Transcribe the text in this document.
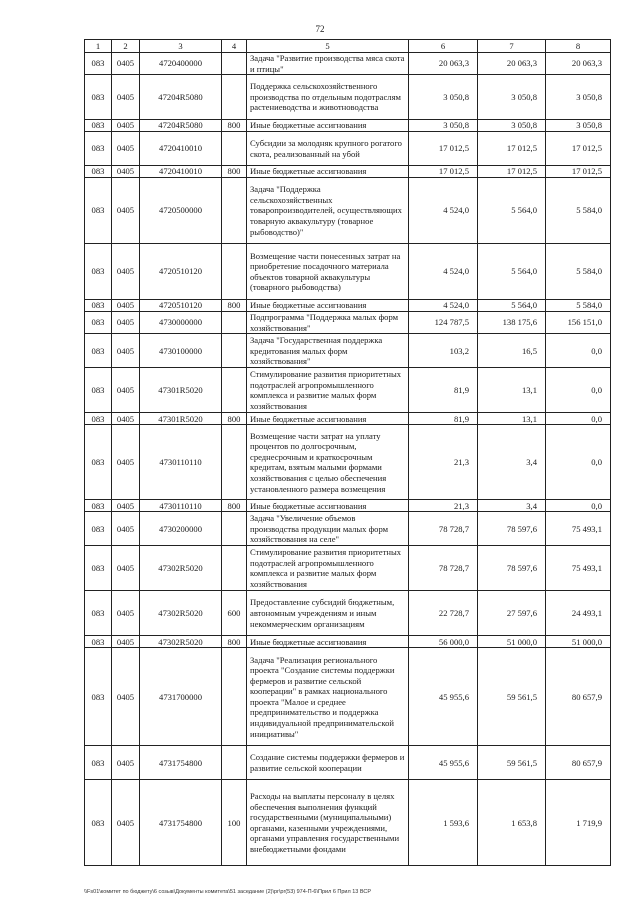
72
1	2	3	4	5	6	7	8
083	0405	4720400000		Задача "Развитие производства мяса скота и птицы"	20 063,3	20 063,3	20 063,3
083	0405	47204R5080		Поддержка сельскохозяйственного производства по отдельным подотраслям растениеводства и животноводства	3 050,8	3 050,8	3 050,8
083	0405	47204R5080	800	Иные бюджетные ассигнования	3 050,8	3 050,8	3 050,8
083	0405	4720410010		Субсидии за молодняк крупного рогатого скота, реализованный на убой	17 012,5	17 012,5	17 012,5
083	0405	4720410010	800	Иные бюджетные ассигнования	17 012,5	17 012,5	17 012,5
083	0405	4720500000		Задача "Поддержка сельскохозяйственных товаропроизводителей, осуществляющих товарную аквакультуру (товарное рыбоводство)"	4 524,0	5 564,0	5 584,0
083	0405	4720510120		Возмещение части понесенных затрат на приобретение посадочного материала объектов товарной аквакультуры (товарного рыбоводства)	4 524,0	5 564,0	5 584,0
083	0405	4720510120	800	Иные бюджетные ассигнования	4 524,0	5 564,0	5 584,0
083	0405	4730000000		Подпрограмма "Поддержка малых форм хозяйствования"	124 787,5	138 175,6	156 151,0
083	0405	4730100000		Задача "Государственная поддержка кредитования малых форм хозяйствования"	103,2	16,5	0,0
083	0405	47301R5020		Стимулирование развития приоритетных подотраслей агропромышленного комплекса и развитие малых форм хозяйствования	81,9	13,1	0,0
083	0405	47301R5020	800	Иные бюджетные ассигнования	81,9	13,1	0,0
083	0405	4730110110		Возмещение части затрат на уплату процентов по долгосрочным, среднесрочным и краткосрочным кредитам, взятым малыми формами хозяйствования с целью обеспечения установленного размера возмещения	21,3	3,4	0,0
083	0405	4730110110	800	Иные бюджетные ассигнования	21,3	3,4	0,0
083	0405	4730200000		Задача "Увеличение объемов производства продукции малых форм хозяйствования на селе"	78 728,7	78 597,6	75 493,1
083	0405	47302R5020		Стимулирование развития приоритетных подотраслей агропромышленного комплекса и развитие малых форм хозяйствования	78 728,7	78 597,6	75 493,1
083	0405	47302R5020	600	Предоставление субсидий бюджетным, автономным учреждениям и иным некоммерческим организациям	22 728,7	27 597,6	24 493,1
083	0405	47302R5020	800	Иные бюджетные ассигнования	56 000,0	51 000,0	51 000,0
083	0405	4731700000		Задача "Реализация регионального проекта "Создание системы поддержки фермеров и развитие сельской кооперации" в рамках национального проекта "Малое и среднее предпринимательство и поддержка индивидуальной предпринимательской инициативы"	45 955,6	59 561,5	80 657,9
083	0405	4731754800		Создание системы поддержки фермеров и развитие сельской кооперации	45 955,6	59 561,5	80 657,9
083	0405	4731754800	100	Расходы на выплаты персоналу в целях обеспечения выполнения функций государственными (муниципальными) органами, казенными учреждениями, органами управления государственными внебюджетными фондами	1 593,6	1 653,8	1 719,9
\\Fs01\комитет по бюджету\6 созыв\Документы комитета\51 заседание (2)\pr\pr(53) 974-П-6\Прил 6 Прил 13 ВСР
